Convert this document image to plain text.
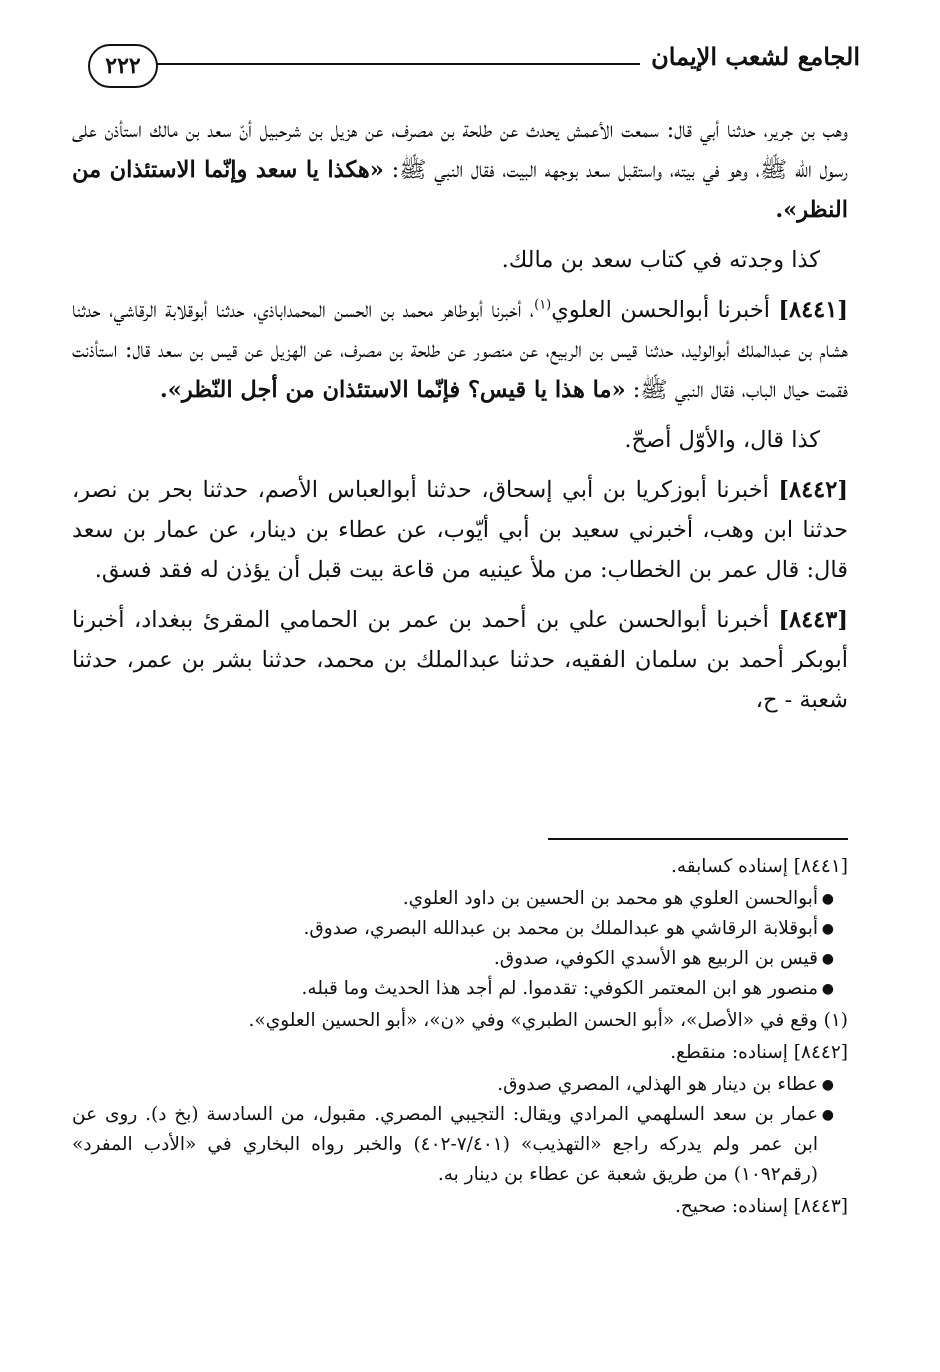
٢٢٢	الجامع لشعب الإيمان

وهب بن جرير، حدثنا أبي قال: سمعت الأعمش يحدث عن طلحة بن مصرف، عن هزيل بن شرحبيل أنّ سعد بن مالك استأذن على رسول الله ﷺ، وهو في بيته، واستقبل سعد بوجهه البيت، فقال النبي ﷺ: «هكذا يا سعد وإنّما الاستئذان من النظر».

كذا وجدته في كتاب سعد بن مالك.

[٨٤٤١] أخبرنا أبوالحسن العلوي$^{(١)}$، أخبرنا أبوطاهر محمد بن الحسن المحمداباذي، حدثنا أبوقلابة الرقاشي، حدثنا هشام بن عبدالملك أبوالوليد، حدثنا قيس بن الربيع، عن منصور عن طلحة بن مصرف، عن الهزيل عن قيس بن سعد قال: استأذنت فقمت حيال الباب، فقال النبي ﷺ: «ما هذا يا قيس؟ فإنّما الاستئذان من أجل النّظر».

كذا قال، والأوّل أصحّ.

[٨٤٤٢] أخبرنا أبوزكريا بن أبي إسحاق، حدثنا أبوالعباس الأصم، حدثنا بحر بن نصر، حدثنا ابن وهب، أخبرني سعيد بن أبي أيّوب، عن عطاء بن دينار، عن عمار بن سعد قال: قال عمر بن الخطاب: من ملأ عينيه من قاعة بيت قبل أن يؤذن له فقد فسق.

[٨٤٤٣] أخبرنا أبوالحسن علي بن أحمد بن عمر بن الحمامي المقرئ ببغداد، أخبرنا أبوبكر أحمد بن سلمان الفقيه، حدثنا عبدالملك بن محمد، حدثنا بشر بن عمر، حدثنا شعبة - ح،

[٨٤٤١] إسناده كسابقه.

●
أبوالحسن العلوي هو محمد بن الحسين بن داود العلوي.
●
أبوقلابة الرقاشي هو عبدالملك بن محمد بن عبدالله البصري، صدوق.
●
قيس بن الربيع هو الأسدي الكوفي، صدوق.
●
منصور هو ابن المعتمر الكوفي: تقدموا. لم أجد هذا الحديث وما قبله.

(١) وقع في «الأصل»، «أبو الحسن الطبري» وفي «ن»، «أبو الحسين العلوي».

[٨٤٤٢] إسناده: منقطع.

●
عطاء بن دينار هو الهذلي، المصري صدوق.
●
عمار بن سعد السلهمي المرادي ويقال: التجيبي المصري. مقبول، من السادسة (بخ د). روى عن ابن عمر ولم يدركه راجع «التهذيب» (٧/٤٠١-٤٠٢) والخبر رواه البخاري في «الأدب المفرد» (رقم١٠٩٢) من طريق شعبة عن عطاء بن دينار به.

[٨٤٤٣] إسناده: صحيح.
